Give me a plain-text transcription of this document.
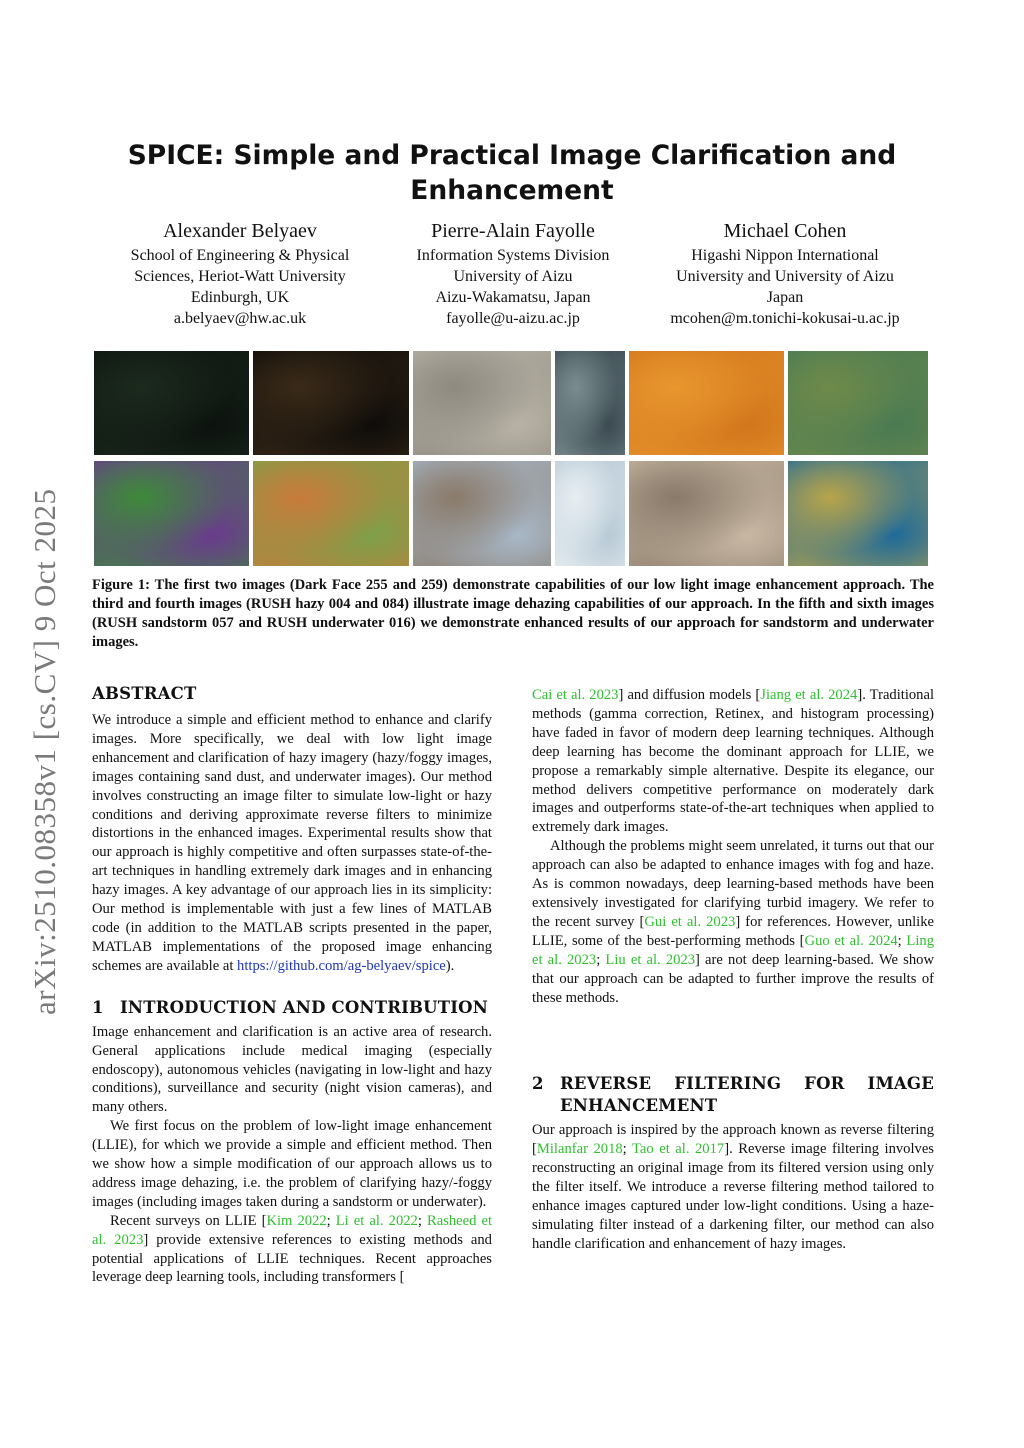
arXiv:2510.08358v1 [cs.CV] 9 Oct 2025
SPICE: Simple and Practical Image Clarification and Enhancement
Alexander Belyaev
School of Engineering & Physical
Sciences, Heriot-Watt University
Edinburgh, UK
a.belyaev@hw.ac.uk
Pierre-Alain Fayolle
Information Systems Division
University of Aizu
Aizu-Wakamatsu, Japan
fayolle@u-aizu.ac.jp
Michael Cohen
Higashi Nippon International
University and University of Aizu
Japan
mcohen@m.tonichi-kokusai-u.ac.jp
Figure 1: The first two images (Dark Face 255 and 259) demonstrate capabilities of our low light image enhancement approach. The third and fourth images (RUSH hazy 004 and 084) illustrate image dehazing capabilities of our approach. In the fifth and sixth images (RUSH sandstorm 057 and RUSH underwater 016) we demonstrate enhanced results of our approach for sandstorm and underwater images.
ABSTRACT

We introduce a simple and efficient method to enhance and clarify images. More specifically, we deal with low light image enhancement and clarification of hazy imagery (hazy/foggy images, images containing sand dust, and underwater images). Our method involves constructing an image filter to simulate low-light or hazy conditions and deriving approximate reverse filters to minimize distortions in the enhanced images. Experimental results show that our approach is highly competitive and often surpasses state-of-the-art techniques in handling extremely dark images and in enhancing hazy images. A key advantage of our approach lies in its simplicity: Our method is implementable with just a few lines of MATLAB code (in addition to the MATLAB scripts presented in the paper, MATLAB implementations of the proposed image enhancing schemes are available at https://github.com/ag-belyaev/spice).

1 INTRODUCTION AND CONTRIBUTION

Image enhancement and clarification is an active area of research. General applications include medical imaging (especially endoscopy), autonomous vehicles (navigating in low-light and hazy conditions), surveillance and security (night vision cameras), and many others.

We first focus on the problem of low-light image enhancement (LLIE), for which we provide a simple and efficient method. Then we show how a simple modification of our approach allows us to address image dehazing, i.e. the problem of clarifying hazy/-foggy images (including images taken during a sandstorm or underwater).

Recent surveys on LLIE [Kim 2022; Li et al. 2022; Rasheed et al. 2023] provide extensive references to existing methods and potential applications of LLIE techniques. Recent approaches leverage deep learning tools, including transformers [

Cai et al. 2023] and diffusion models [Jiang et al. 2024]. Traditional methods (gamma correction, Retinex, and histogram processing) have faded in favor of modern deep learning techniques. Although deep learning has become the dominant approach for LLIE, we propose a remarkably simple alternative. Despite its elegance, our method delivers competitive performance on moderately dark images and outperforms state-of-the-art techniques when applied to extremely dark images.

Although the problems might seem unrelated, it turns out that our approach can also be adapted to enhance images with fog and haze. As is common nowadays, deep learning-based methods have been extensively investigated for clarifying turbid imagery. We refer to the recent survey [Gui et al. 2023] for references. However, unlike LLIE, some of the best-performing methods [Guo et al. 2024; Ling et al. 2023; Liu et al. 2023] are not deep learning-based. We show that our approach can be adapted to further improve the results of these methods.

2 REVERSE FILTERING FOR IMAGE ENHANCEMENT

Our approach is inspired by the approach known as reverse filtering [Milanfar 2018; Tao et al. 2017]. Reverse image filtering involves reconstructing an original image from its filtered version using only the filter itself. We introduce a reverse filtering method tailored to enhance images captured under low-light conditions. Using a haze-simulating filter instead of a darkening filter, our method can also handle clarification and enhancement of hazy images.
